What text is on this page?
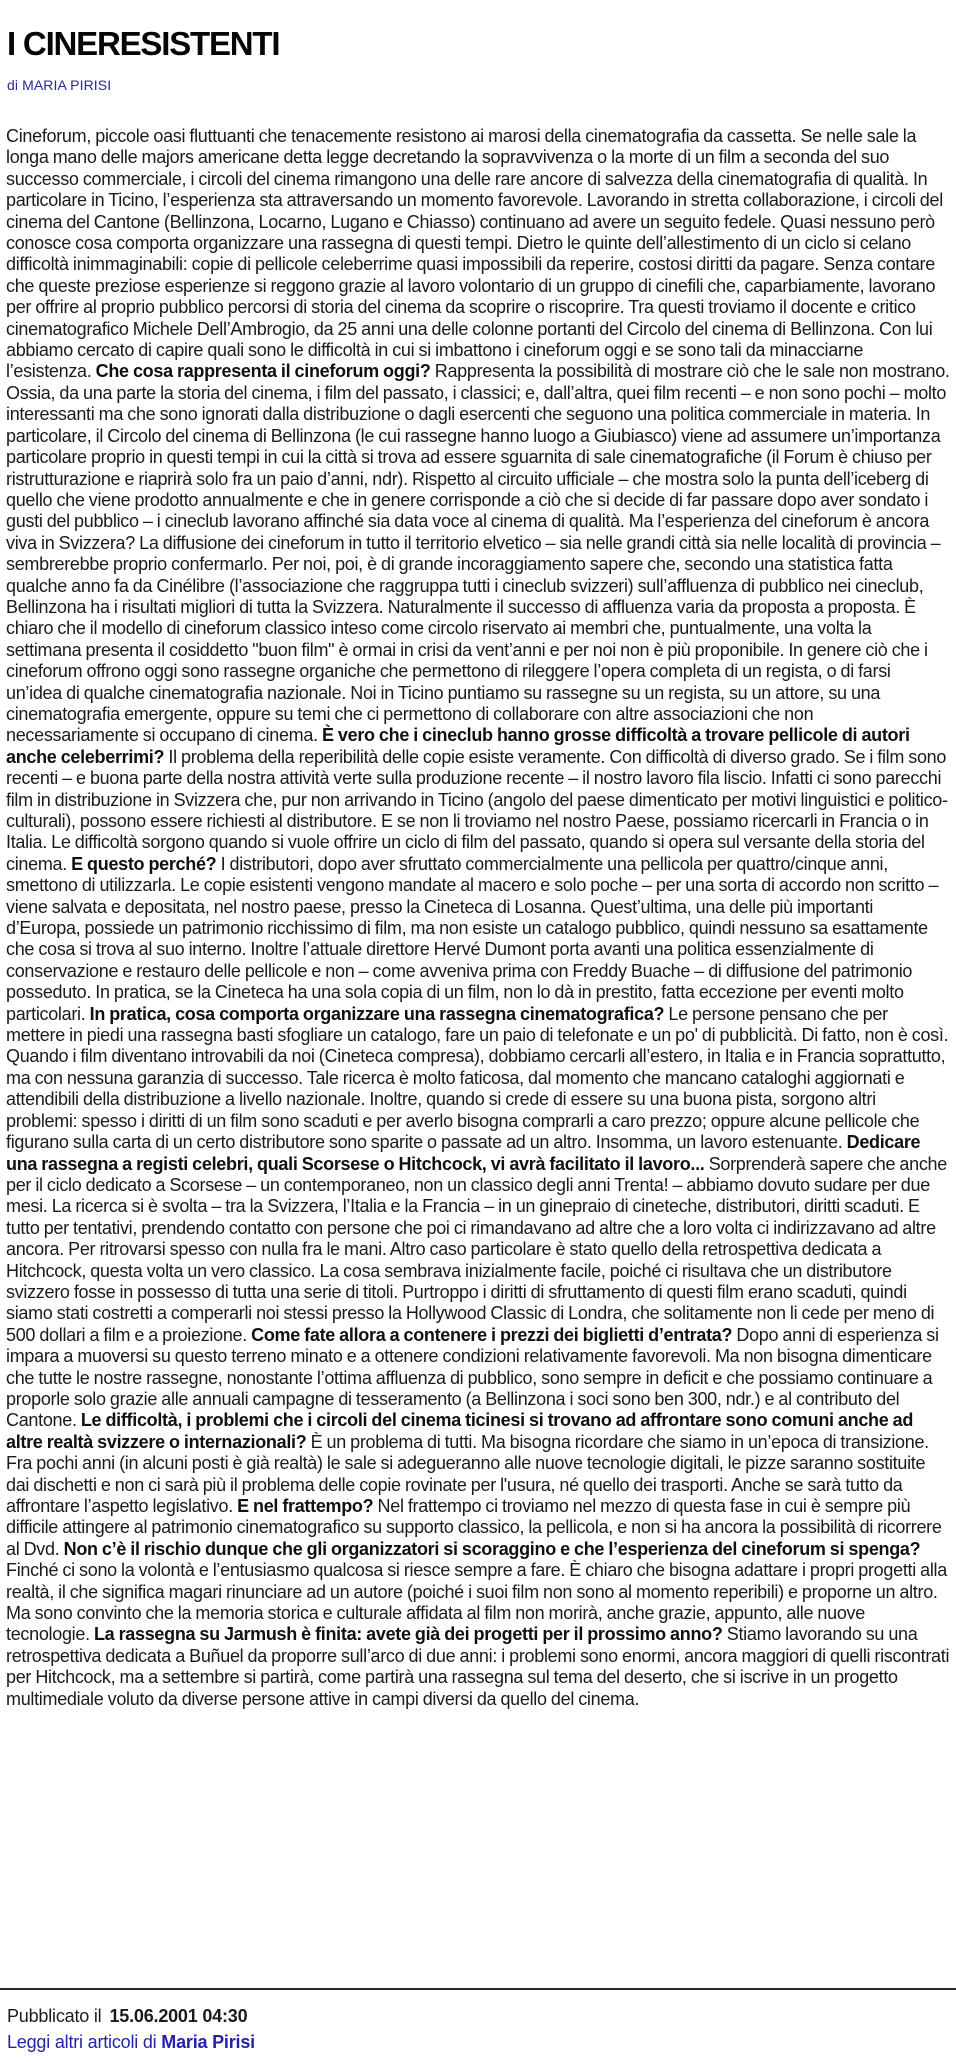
I CINERESISTENTI
di MARIA PIRISI
Cineforum, piccole oasi fluttuanti che tenacemente resistono ai marosi della cinematografia da cassetta. Se nelle sale la longa mano delle majors americane detta legge decretando la sopravvivenza o la morte di un film a seconda del suo successo commerciale, i circoli del cinema rimangono una delle rare ancore di salvezza della cinematografia di qualità. In particolare in Ticino, l’esperienza sta attraversando un momento favorevole. Lavorando in stretta collaborazione, i circoli del cinema del Cantone (Bellinzona, Locarno, Lugano e Chiasso) continuano ad avere un seguito fedele. Quasi nessuno però conosce cosa comporta organizzare una rassegna di questi tempi. Dietro le quinte dell’allestimento di un ciclo si celano difficoltà inimmaginabili: copie di pellicole celeberrime quasi impossibili da reperire, costosi diritti da pagare. Senza contare che queste preziose esperienze si reggono grazie al lavoro volontario di un gruppo di cinefili che, caparbiamente, lavorano per offrire al proprio pubblico percorsi di storia del cinema da scoprire o riscoprire. Tra questi troviamo il docente e critico cinematografico Michele Dell’Ambrogio, da 25 anni una delle colonne portanti del Circolo del cinema di Bellinzona. Con lui abbiamo cercato di capire quali sono le difficoltà in cui si imbattono i cineforum oggi e se sono tali da minacciarne l’esistenza. Che cosa rappresenta il cineforum oggi? Rappresenta la possibilità di mostrare ciò che le sale non mostrano. Ossia, da una parte la storia del cinema, i film del passato, i classici; e, dall’altra, quei film recenti – e non sono pochi – molto interessanti ma che sono ignorati dalla distribuzione o dagli esercenti che seguono una politica commerciale in materia. In particolare, il Circolo del cinema di Bellinzona (le cui rassegne hanno luogo a Giubiasco) viene ad assumere un’importanza particolare proprio in questi tempi in cui la città si trova ad essere sguarnita di sale cinematografiche (il Forum è chiuso per ristrutturazione e riaprirà solo fra un paio d’anni, ndr). Rispetto al circuito ufficiale – che mostra solo la punta dell’iceberg di quello che viene prodotto annualmente e che in genere corrisponde a ciò che si decide di far passare dopo aver sondato i gusti del pubblico – i cineclub lavorano affinché sia data voce al cinema di qualità. Ma l’esperienza del cineforum è ancora viva in Svizzera? La diffusione dei cineforum in tutto il territorio elvetico – sia nelle grandi città sia nelle località di provincia – sembrerebbe proprio confermarlo. Per noi, poi, è di grande incoraggiamento sapere che, secondo una statistica fatta qualche anno fa da Cinélibre (l’associazione che raggruppa tutti i cineclub svizzeri) sull’affluenza di pubblico nei cineclub, Bellinzona ha i risultati migliori di tutta la Svizzera. Naturalmente il successo di affluenza varia da proposta a proposta. È chiaro che il modello di cineforum classico inteso come circolo riservato ai membri che, puntualmente, una volta la settimana presenta il cosiddetto "buon film" è ormai in crisi da vent’anni e per noi non è più proponibile. In genere ciò che i cineforum offrono oggi sono rassegne organiche che permettono di rileggere l’opera completa di un regista, o di farsi un’idea di qualche cinematografia nazionale. Noi in Ticino puntiamo su rassegne su un regista, su un attore, su una cinematografia emergente, oppure su temi che ci permettono di collaborare con altre associazioni che non necessariamente si occupano di cinema. È vero che i cineclub hanno grosse difficoltà a trovare pellicole di autori anche celeberrimi? Il problema della reperibilità delle copie esiste veramente. Con difficoltà di diverso grado. Se i film sono recenti – e buona parte della nostra attività verte sulla produzione recente – il nostro lavoro fila liscio. Infatti ci sono parecchi film in distribuzione in Svizzera che, pur non arrivando in Ticino (angolo del paese dimenticato per motivi linguistici e politico-culturali), possono essere richiesti al distributore. E se non li troviamo nel nostro Paese, possiamo ricercarli in Francia o in Italia. Le difficoltà sorgono quando si vuole offrire un ciclo di film del passato, quando si opera sul versante della storia del cinema. E questo perché? I distributori, dopo aver sfruttato commercialmente una pellicola per quattro/cinque anni, smettono di utilizzarla. Le copie esistenti vengono mandate al macero e solo poche – per una sorta di accordo non scritto – viene salvata e depositata, nel nostro paese, presso la Cineteca di Losanna. Quest’ultima, una delle più importanti d’Europa, possiede un patrimonio ricchissimo di film, ma non esiste un catalogo pubblico, quindi nessuno sa esattamente che cosa si trova al suo interno. Inoltre l’attuale direttore Hervé Dumont porta avanti una politica essenzialmente di conservazione e restauro delle pellicole e non – come avveniva prima con Freddy Buache – di diffusione del patrimonio posseduto. In pratica, se la Cineteca ha una sola copia di un film, non lo dà in prestito, fatta eccezione per eventi molto particolari. In pratica, cosa comporta organizzare una rassegna cinematografica? Le persone pensano che per mettere in piedi una rassegna basti sfogliare un catalogo, fare un paio di telefonate e un po' di pubblicità. Di fatto, non è così. Quando i film diventano introvabili da noi (Cineteca compresa), dobbiamo cercarli all’estero, in Italia e in Francia soprattutto, ma con nessuna garanzia di successo. Tale ricerca è molto faticosa, dal momento che mancano cataloghi aggiornati e attendibili della distribuzione a livello nazionale. Inoltre, quando si crede di essere su una buona pista, sorgono altri problemi: spesso i diritti di un film sono scaduti e per averlo bisogna comprarli a caro prezzo; oppure alcune pellicole che figurano sulla carta di un certo distributore sono sparite o passate ad un altro. Insomma, un lavoro estenuante. Dedicare una rassegna a registi celebri, quali Scorsese o Hitchcock, vi avrà facilitato il lavoro... Sorprenderà sapere che anche per il ciclo dedicato a Scorsese – un contemporaneo, non un classico degli anni Trenta! – abbiamo dovuto sudare per due mesi. La ricerca si è svolta – tra la Svizzera, l’Italia e la Francia – in un ginepraio di cineteche, distributori, diritti scaduti. E tutto per tentativi, prendendo contatto con persone che poi ci rimandavano ad altre che a loro volta ci indirizzavano ad altre ancora. Per ritrovarsi spesso con nulla fra le mani. Altro caso particolare è stato quello della retrospettiva dedicata a Hitchcock, questa volta un vero classico. La cosa sembrava inizialmente facile, poiché ci risultava che un distributore svizzero fosse in possesso di tutta una serie di titoli. Purtroppo i diritti di sfruttamento di questi film erano scaduti, quindi siamo stati costretti a comperarli noi stessi presso la Hollywood Classic di Londra, che solitamente non li cede per meno di 500 dollari a film e a proiezione. Come fate allora a contenere i prezzi dei biglietti d’entrata? Dopo anni di esperienza si impara a muoversi su questo terreno minato e a ottenere condizioni relativamente favorevoli. Ma non bisogna dimenticare che tutte le nostre rassegne, nonostante l’ottima affluenza di pubblico, sono sempre in deficit e che possiamo continuare a proporle solo grazie alle annuali campagne di tesseramento (a Bellinzona i soci sono ben 300, ndr.) e al contributo del Cantone. Le difficoltà, i problemi che i circoli del cinema ticinesi si trovano ad affrontare sono comuni anche ad altre realtà svizzere o internazionali? È un problema di tutti. Ma bisogna ricordare che siamo in un’epoca di transizione. Fra pochi anni (in alcuni posti è già realtà) le sale si adegueranno alle nuove tecnologie digitali, le pizze saranno sostituite dai dischetti e non ci sarà più il problema delle copie rovinate per l'usura, né quello dei trasporti. Anche se sarà tutto da affrontare l’aspetto legislativo. E nel frattempo? Nel frattempo ci troviamo nel mezzo di questa fase in cui è sempre più difficile attingere al patrimonio cinematografico su supporto classico, la pellicola, e non si ha ancora la possibilità di ricorrere al Dvd. Non c’è il rischio dunque che gli organizzatori si scoraggino e che l’esperienza del cineforum si spenga? Finché ci sono la volontà e l’entusiasmo qualcosa si riesce sempre a fare. È chiaro che bisogna adattare i propri progetti alla realtà, il che significa magari rinunciare ad un autore (poiché i suoi film non sono al momento reperibili) e proporne un altro. Ma sono convinto che la memoria storica e culturale affidata al film non morirà, anche grazie, appunto, alle nuove tecnologie. La rassegna su Jarmush è finita: avete già dei progetti per il prossimo anno? Stiamo lavorando su una retrospettiva dedicata a Buñuel da proporre sull’arco di due anni: i problemi sono enormi, ancora maggiori di quelli riscontrati per Hitchcock, ma a settembre si partirà, come partirà una rassegna sul tema del deserto, che si iscrive in un progetto multimediale voluto da diverse persone attive in campi diversi da quello del cinema.
Pubblicato il 15.06.2001 04:30
Leggi altri articoli di Maria Pirisi
